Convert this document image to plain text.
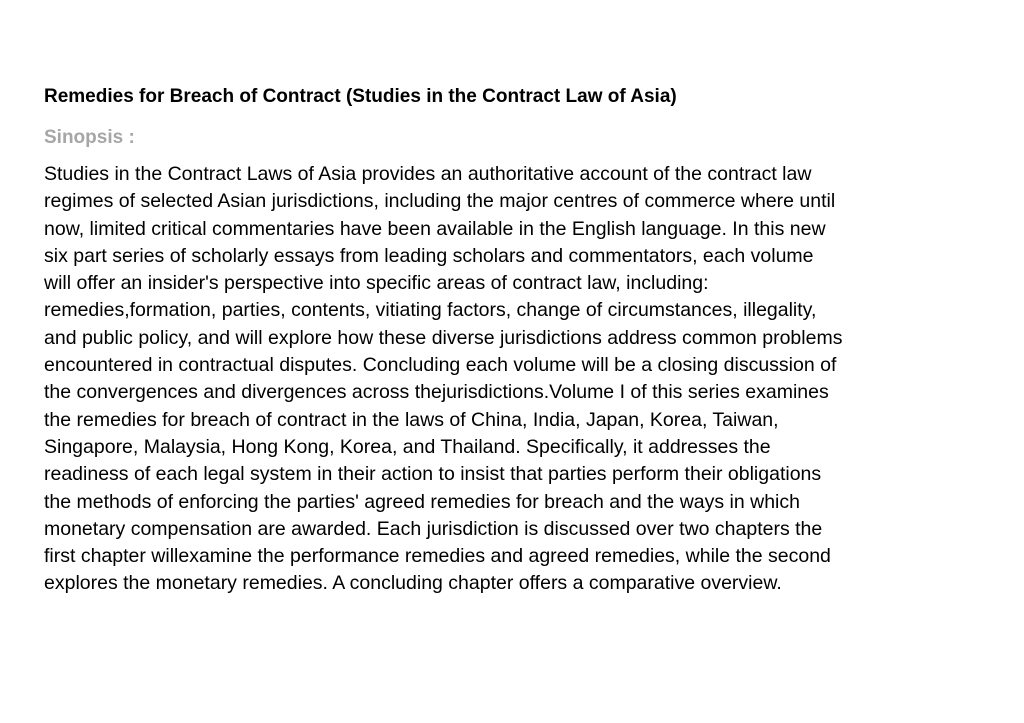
Remedies for Breach of Contract (Studies in the Contract Law of Asia)
Sinopsis :
Studies in the Contract Laws of Asia provides an authoritative account of the contract law
regimes of selected Asian jurisdictions, including the major centres of commerce where until
now, limited critical commentaries have been available in the English language. In this new
six part series of scholarly essays from leading scholars and commentators, each volume
will offer an insider's perspective into specific areas of contract law, including:
remedies,formation, parties, contents, vitiating factors, change of circumstances, illegality,
and public policy, and will explore how these diverse jurisdictions address common problems
encountered in contractual disputes. Concluding each volume will be a closing discussion of
the convergences and divergences across thejurisdictions.Volume I of this series examines
the remedies for breach of contract in the laws of China, India, Japan, Korea, Taiwan,
Singapore, Malaysia, Hong Kong, Korea, and Thailand. Specifically, it addresses the
readiness of each legal system in their action to insist that parties perform their obligations
the methods of enforcing the parties' agreed remedies for breach and the ways in which
monetary compensation are awarded. Each jurisdiction is discussed over two chapters the
first chapter willexamine the performance remedies and agreed remedies, while the second
explores the monetary remedies. A concluding chapter offers a comparative overview.
